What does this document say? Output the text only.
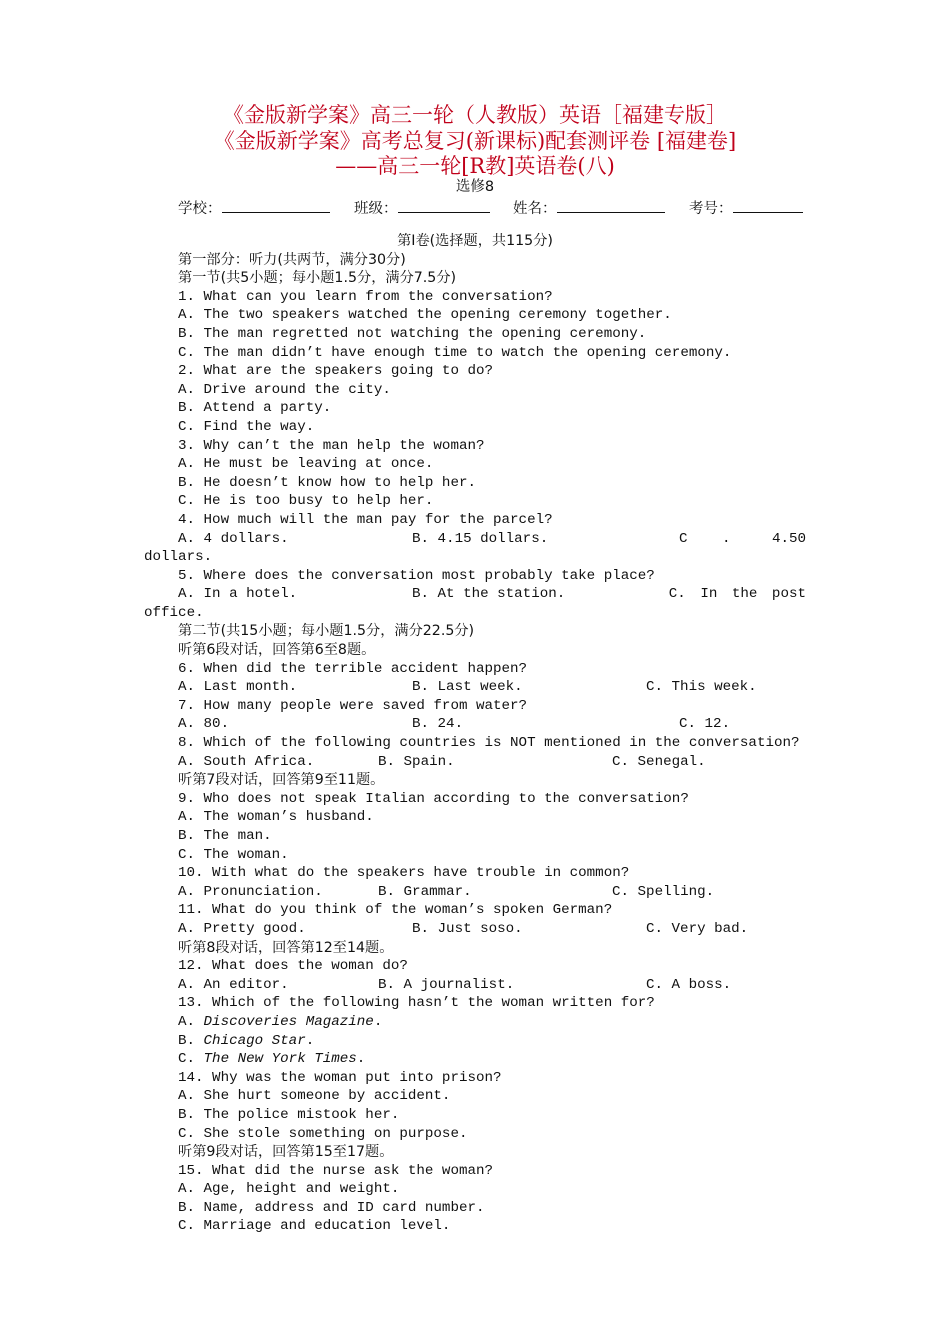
《金版新学案》高三一轮（人教版）英语［福建专版］
《金版新学案》高考总复习(新课标)配套测评卷 [福建卷]
——高三一轮[R教]英语卷(八)
选修8
学校：	班级：	姓名：	考号：
第Ⅰ卷(选择题，共115分)
第一部分：听力(共两节，满分30分)
第一节(共5小题；每小题1.5分，满分7.5分)
1. What can you learn from the conversation?
A. The two speakers watched the opening ceremony together.
B. The man regretted not watching the opening ceremony.
C. The man didn’t have enough time to watch the opening ceremony.
2. What are the speakers going to do?
A. Drive around the city.
B. Attend a party.
C. Find the way.
3. Why can’t the man help the woman?
A. He must be leaving at once.
B. He doesn’t know how to help her.
C. He is too busy to help her.
4. How much will the man pay for the parcel?
A. 4 dollars.	B. 4.15 dollars.	C .	4.50
dollars.
5. Where does the conversation most probably take place?
A. In a hotel.	B. At the station.	C. In the post
office.
第二节(共15小题；每小题1.5分，满分22.5分)
听第6段对话，回答第6至8题。
6. When did the terrible accident happen?
A. Last month.	B. Last week.	C. This week.
7. How many people were saved from water?
A. 80.	B. 24.	C. 12.
8. Which of the following countries is NOT mentioned in the conversation?
A. South Africa.	B. Spain.	C. Senegal.
听第7段对话，回答第9至11题。
9. Who does not speak Italian according to the conversation?
A. The woman’s husband.
B. The man.
C. The woman.
10. With what do the speakers have trouble in common?
A. Pronunciation.	B. Grammar.	C. Spelling.
11. What do you think of the woman’s spoken German?
A. Pretty good.	B. Just soso.	C. Very bad.
听第8段对话，回答第12至14题。
12. What does the woman do?
A. An editor.	B. A journalist.	C. A boss.
13. Which of the following hasn’t the woman written for?
A. Discoveries Magazine.
B. Chicago Star.
C. The New York Times.
14. Why was the woman put into prison?
A. She hurt someone by accident.
B. The police mistook her.
C. She stole something on purpose.
听第9段对话，回答第15至17题。
15. What did the nurse ask the woman?
A. Age, height and weight.
B. Name, address and ID card number.
C. Marriage and education level.
